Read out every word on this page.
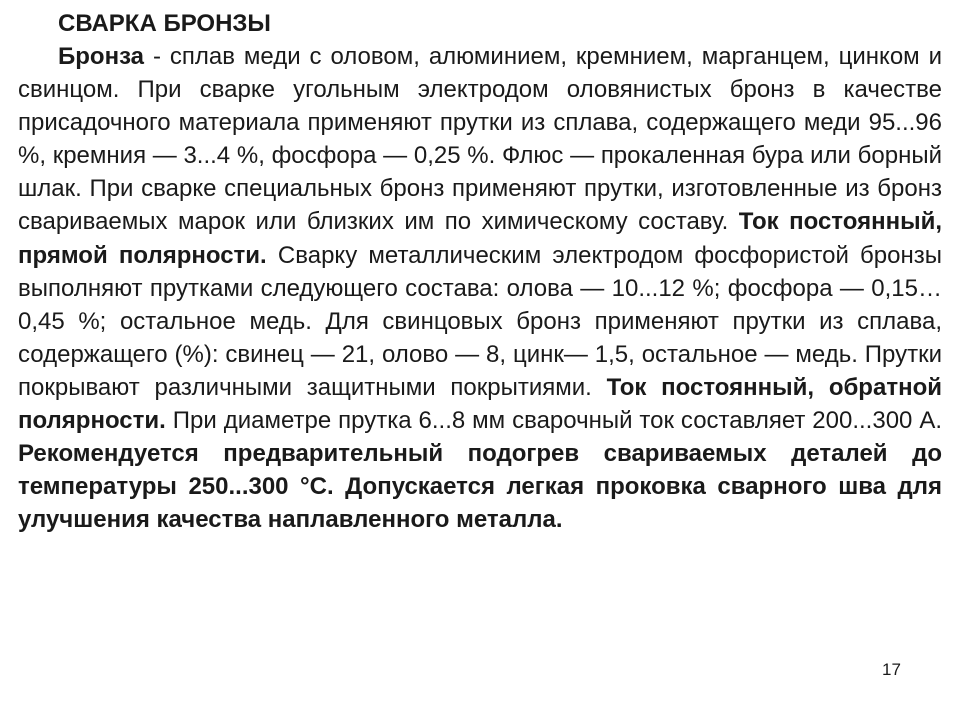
СВАРКА БРОНЗЫ

Бронза - сплав меди с оловом, алюминием, кремнием, марганцем, цинком и свинцом. При сварке угольным электродом оловянистых бронз в качестве присадочного материала применяют прутки из сплава, содержащего меди 95...96 %, кремния — 3...4 %, фосфора — 0,25 %. Флюс — прокаленная бура или борный шлак. При сварке специальных бронз применяют прутки, изготовленные из бронз свариваемых марок или близких им по химическому составу. Ток постоянный, прямой полярности. Сварку металлическим электродом фосфористой бронзы выполняют прутками следующего состава: олова — 10...12 %; фосфора — 0,15…0,45 %; остальное медь. Для свинцовых бронз применяют прутки из сплава, содержащего (%): свинец — 21, олово — 8, цинк— 1,5, остальное — медь. Прутки покрывают различными защитными покрытиями. Ток постоянный, обратной полярности. При диаметре прутка 6...8 мм сварочный ток составляет 200...300 А. Рекомендуется предварительный подогрев свариваемых деталей до температуры 250...300 °С. Допускается легкая проковка сварного шва для улучшения качества наплавленного металла.

17
